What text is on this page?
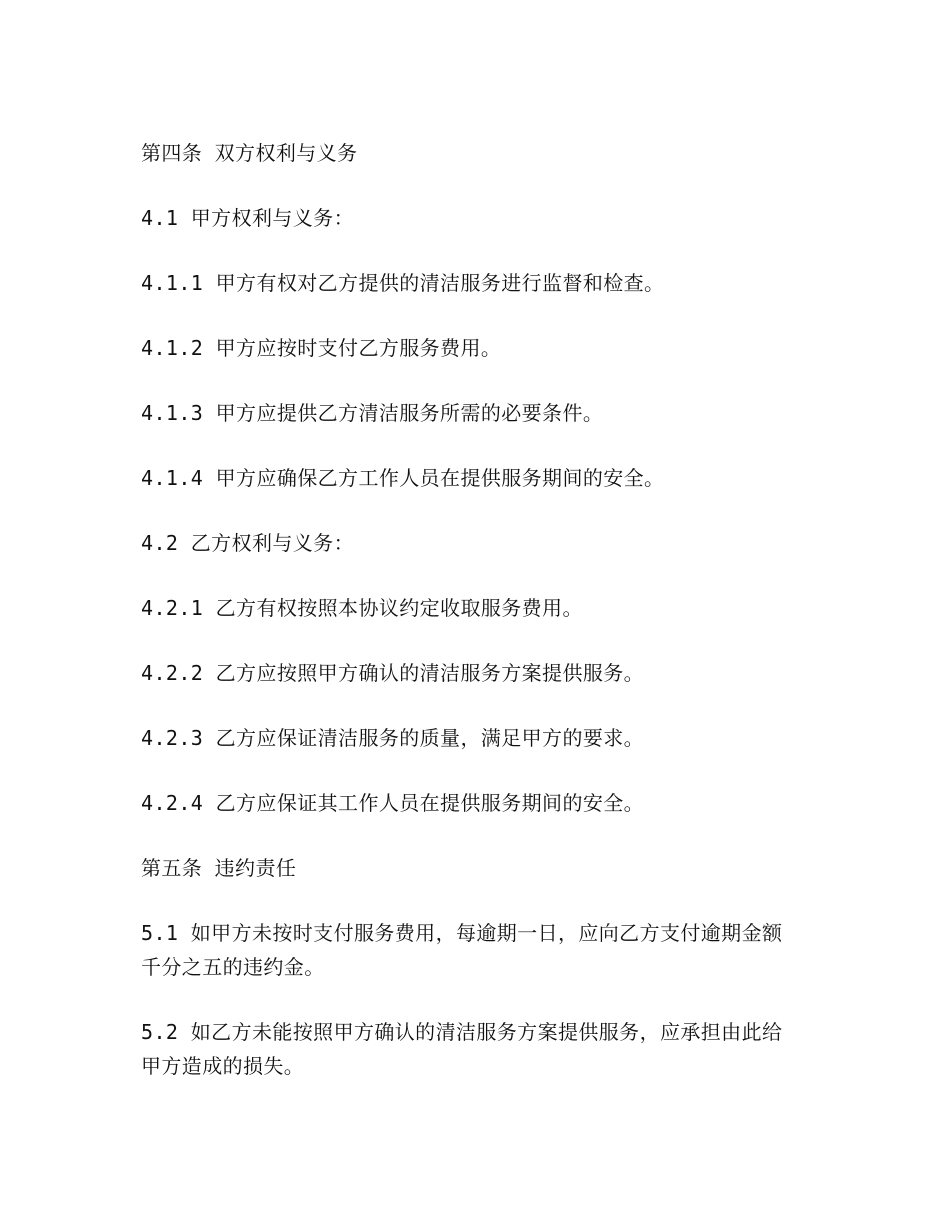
第四条 双方权利与义务

4.1 甲方权利与义务：

4.1.1 甲方有权对乙方提供的清洁服务进行监督和检查。

4.1.2 甲方应按时支付乙方服务费用。

4.1.3 甲方应提供乙方清洁服务所需的必要条件。

4.1.4 甲方应确保乙方工作人员在提供服务期间的安全。

4.2 乙方权利与义务：

4.2.1 乙方有权按照本协议约定收取服务费用。

4.2.2 乙方应按照甲方确认的清洁服务方案提供服务。

4.2.3 乙方应保证清洁服务的质量，满足甲方的要求。

4.2.4 乙方应保证其工作人员在提供服务期间的安全。

第五条 违约责任

5.1 如甲方未按时支付服务费用，每逾期一日，应向乙方支付逾期金额千分之五的违约金。

5.2 如乙方未能按照甲方确认的清洁服务方案提供服务，应承担由此给甲方造成的损失。
